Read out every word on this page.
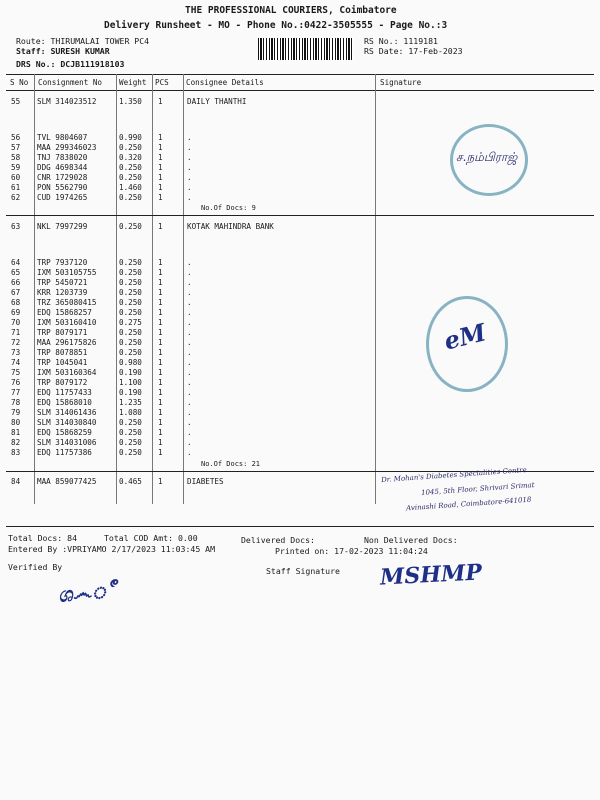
THE PROFESSIONAL COURIERS, Coimbatore
Delivery Runsheet - MO - Phone No.:0422-3505555 - Page No.:3
Route: THIRUMALAI TOWER PC4
Staff: SURESH KUMAR
DRS No.: DCJB111918103
RS No.: 1119181
RS Date: 17-Feb-2023
S No Consignment No Weight PCS Consignee Details	Signature
55 SLM 314023512	1.350 1	DAILY THANTHI
56 TVL 9804607	0.990 1	.
57 MAA 299346023	0.250 1	.
58 TNJ 7838020	0.320 1	.
59 DDG 4698344	0.250 1	.
60 CNR 1729028	0.250 1	.
61 PON 5562790	1.460 1	.
62 CUD 1974265	0.250 1	.
No.Of Docs: 9
63 NKL 7997299	0.250 1	KOTAK MAHINDRA BANK
64 TRP 7937120	0.250 1	.
65 IXM 503105755	0.250 1	.
66 TRP 5450721	0.250 1	.
67 KRR 1203739	0.250 1	.
68 TRZ 365080415	0.250 1	.
69 EDQ 15868257	0.250 1	.
70 IXM 503160410	0.275 1	.
71 TRP 8079171	0.250 1	.
72 MAA 296175826	0.250 1	.
73 TRP 8078851	0.250 1	.
74 TRP 1045041	0.980 1	.
75 IXM 503160364	0.190 1	.
76 TRP 8079172	1.100 1	.
77 EDQ 11757433	0.190 1	.
78 EDQ 15868010	1.235 1	.
79 SLM 314061436	1.080 1	.
80 SLM 314030840	0.250 1	.
81 EDQ 15868259	0.250 1	.
82 SLM 314031006	0.250 1	.
83 EDQ 11757386	0.250 1	.
No.Of Docs: 21
84 MAA 859077425	0.465 1	DIABETES
Total Docs: 84	Total COD Amt: 0.00	Delivered Docs:	Non Delivered Docs:
Entered By :VPRIYAMO 2/17/2023 11:03:45 AM	Printed on: 17-02-2023 11:04:24
Verified By	Staff Signature
ச.நம்பிராஜ்
eM
Dr. Mohan's Diabetes Specialities Centre
1045, 5th Floor, Shrivari Srimat
Avinashi Road, Coimbatore-641018
ශ෴ீ
MSHMP
